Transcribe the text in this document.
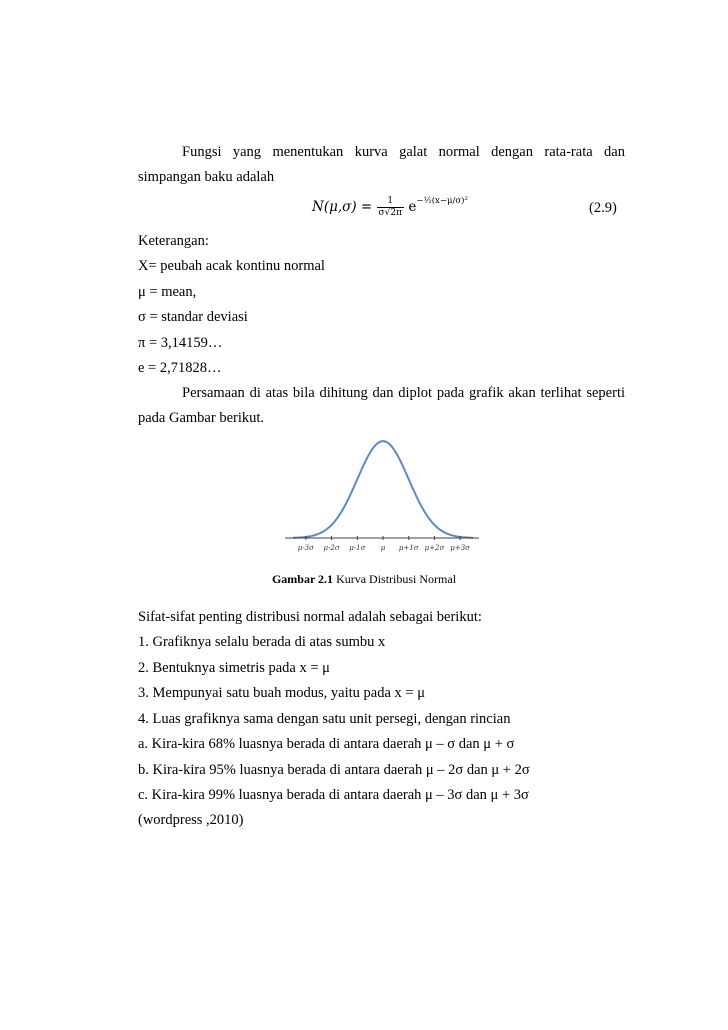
Fungsi yang menentukan kurva galat normal dengan rata-rata dan
simpangan baku adalah
$N(\mu,\sigma) = \frac{1}{\sigma√2\pi} e^{-\frac{1}{2}(x-\mu/\sigma)^2}$	(2.9)
Keterangan:
X= peubah acak kontinu normal
μ = mean,
σ = standar deviasi
π = 3,14159…
e = 2,71828…
Persamaan di atas bila dihitung dan diplot pada grafik akan terlihat seperti
pada Gambar berikut.
μ-3σ μ-2σ μ-1σ μ μ+1σ μ+2σ μ+3σ
Gambar 2.1 Kurva Distribusi Normal
Sifat-sifat penting distribusi normal adalah sebagai berikut:
1. Grafiknya selalu berada di atas sumbu x
2. Bentuknya simetris pada x = μ
3. Mempunyai satu buah modus, yaitu pada x = μ
4. Luas grafiknya sama dengan satu unit persegi, dengan rincian
a. Kira-kira 68% luasnya berada di antara daerah μ – σ dan μ + σ
b. Kira-kira 95% luasnya berada di antara daerah μ – 2σ dan μ + 2σ
c. Kira-kira 99% luasnya berada di antara daerah μ – 3σ dan μ + 3σ
(wordpress ,2010)
